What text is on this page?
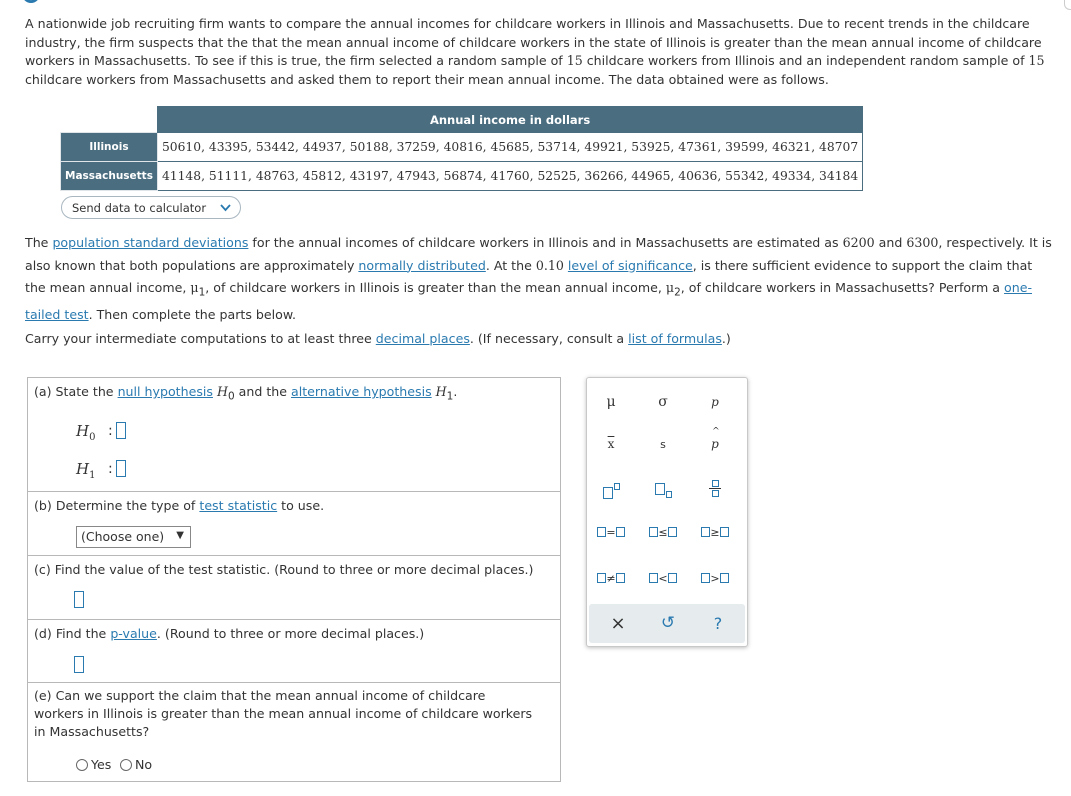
A nationwide job recruiting firm wants to compare the annual incomes for childcare workers in Illinois and Massachusetts. Due to recent trends in the childcare industry, the firm suspects that the that the mean annual income of childcare workers in the state of Illinois is greater than the mean annual income of childcare workers in Massachusetts. To see if this is true, the firm selected a random sample of 15 childcare workers from Illinois and an independent random sample of 15 childcare workers from Massachusetts and asked them to report their mean annual income. The data obtained were as follows.

	Annual income in dollars
Illinois	50610, 43395, 53442, 44937, 50188, 37259, 40816, 45685, 53714, 49921, 53925, 47361, 39599, 46321, 48707
Massachusetts	41148, 51111, 48763, 45812, 43197, 47943, 56874, 41760, 52525, 36266, 44965, 40636, 55342, 49334, 34184
Send data to calculator

The population standard deviations for the annual incomes of childcare workers in Illinois and in Massachusetts are estimated as 6200 and 6300, respectively. It is also known that both populations are approximately normally distributed. At the 0.10 level of significance, is there sufficient evidence to support the claim that the mean annual income, $\mu_1$, of childcare workers in Illinois is greater than the mean annual income, $\mu_2$, of childcare workers in Massachusetts? Perform a one-tailed test. Then complete the parts below.

Carry your intermediate computations to at least three decimal places. (If necessary, consult a list of formulas.)

(a) State the null hypothesis $H_0$ and the alternative hypothesis $H_1$.

$H_0$ :
$H_1$ :

(b) Determine the type of test statistic to use.

(Choose one) ▼

(c) Find the value of the test statistic. (Round to three or more decimal places.)

(d) Find the p-value. (Round to three or more decimal places.)

(e) Can we support the claim that the mean annual income of childcare workers in Illinois is greater than the mean annual income of childcare workers in Massachusetts?

Yes No
μ	σ	p
$\overline{x}$	s	p
^
=	≤	≥
≠	<	>
×	↺	?
